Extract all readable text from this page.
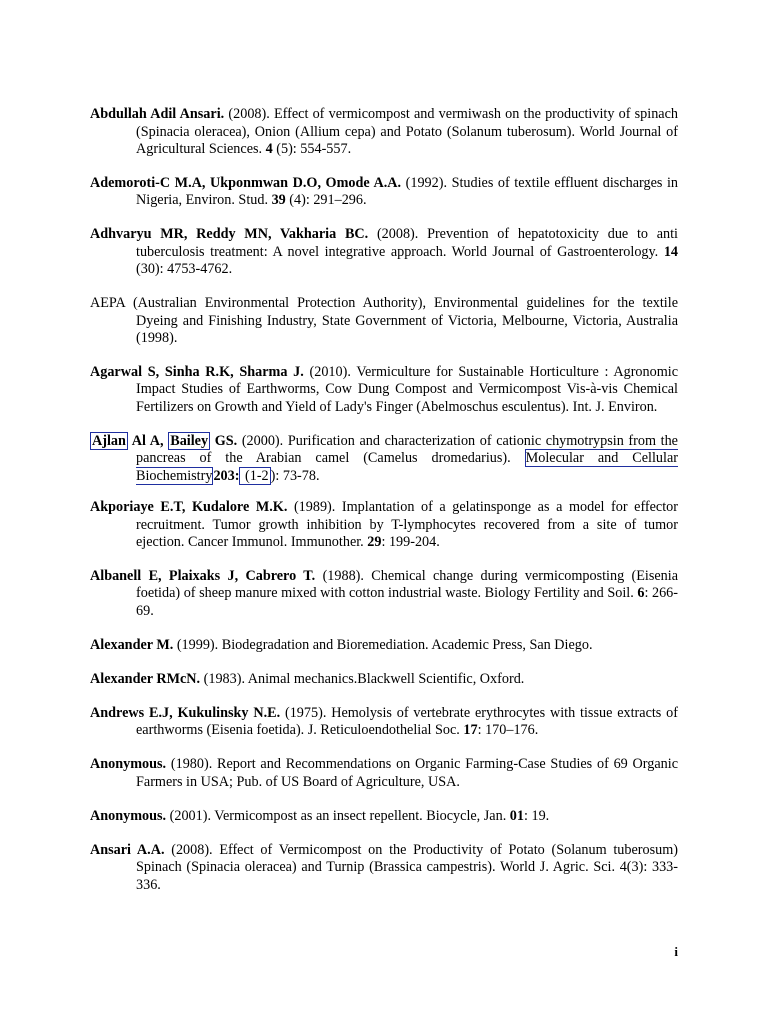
Abdullah Adil Ansari. (2008). Effect of vermicompost and vermiwash on the productivity of spinach (Spinacia oleracea), Onion (Allium cepa) and Potato (Solanum tuberosum). World Journal of Agricultural Sciences. 4 (5): 554-557.

Ademoroti-C M.A, Ukponmwan D.O, Omode A.A. (1992). Studies of textile effluent discharges in Nigeria, Environ. Stud. 39 (4): 291–296.

Adhvaryu MR, Reddy MN, Vakharia BC. (2008). Prevention of hepatotoxicity due to anti tuberculosis treatment: A novel integrative approach. World Journal of Gastroenterology. 14 (30): 4753-4762.

AEPA (Australian Environmental Protection Authority), Environmental guidelines for the textile Dyeing and Finishing Industry, State Government of Victoria, Melbourne, Victoria, Australia (1998).

Agarwal S, Sinha R.K, Sharma J. (2010). Vermiculture for Sustainable Horticulture : Agronomic Impact Studies of Earthworms, Cow Dung Compost and Vermicompost Vis-à-vis Chemical Fertilizers on Growth and Yield of Lady's Finger (Abelmoschus esculentus). Int. J. Environ.

Ajlan Al A, Bailey GS. (2000). Purification and characterization of cationic chymotrypsin from the pancreas of the Arabian camel (Camelus dromedarius). Molecular and Cellular Biochemistry203: (1-2 ): 73-78.

Akporiaye E.T, Kudalore M.K. (1989). Implantation of a gelatinsponge as a model for effector recruitment. Tumor growth inhibition by T-lymphocytes recovered from a site of tumor ejection. Cancer Immunol. Immunother. 29: 199-204.

Albanell E, Plaixaks J, Cabrero T. (1988). Chemical change during vermicomposting (Eisenia foetida) of sheep manure mixed with cotton industrial waste. Biology Fertility and Soil. 6: 266-69.

Alexander M. (1999). Biodegradation and Bioremediation. Academic Press, San Diego.

Alexander RMcN. (1983). Animal mechanics.Blackwell Scientific, Oxford.

Andrews E.J, Kukulinsky N.E. (1975). Hemolysis of vertebrate erythrocytes with tissue extracts of earthworms (Eisenia foetida). J. Reticuloendothelial Soc. 17: 170–176.

Anonymous. (1980). Report and Recommendations on Organic Farming-Case Studies of 69 Organic Farmers in USA; Pub. of US Board of Agriculture, USA.

Anonymous. (2001). Vermicompost as an insect repellent. Biocycle, Jan. 01: 19.

Ansari A.A. (2008). Effect of Vermicompost on the Productivity of Potato (Solanum tuberosum) Spinach (Spinacia oleracea) and Turnip (Brassica campestris). World J. Agric. Sci. 4(3): 333-336.

i
